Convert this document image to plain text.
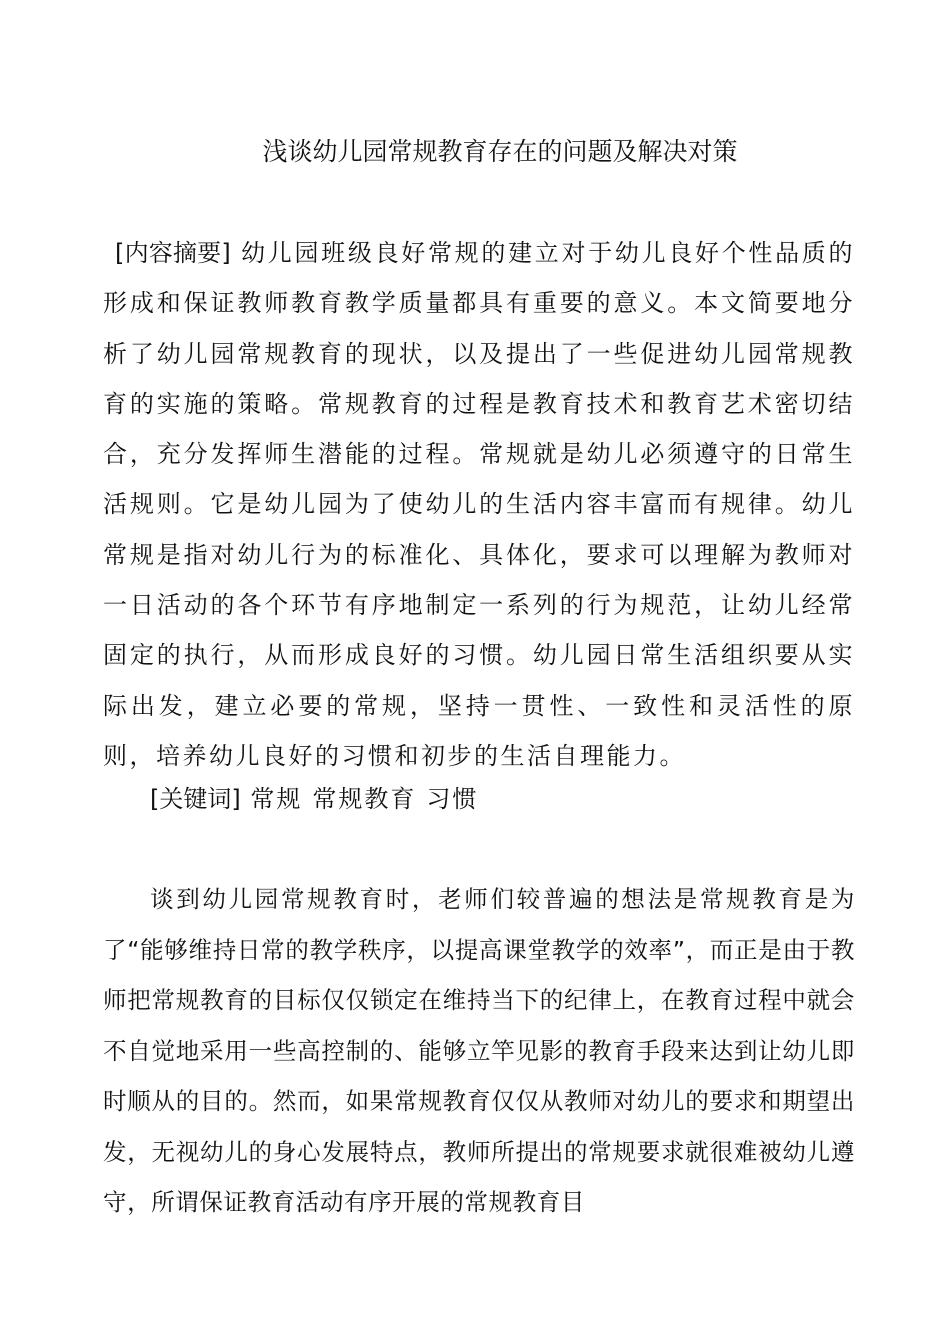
浅谈幼儿园常规教育存在的问题及解决对策
[内容摘要] 幼儿园班级良好常规的建立对于幼儿良好个性品质的形成和保证教师教育教学质量都具有重要的意义。本文简要地分析了幼儿园常规教育的现状，以及提出了一些促进幼儿园常规教育的实施的策略。常规教育的过程是教育技术和教育艺术密切结合，充分发挥师生潜能的过程。常规就是幼儿必须遵守的日常生活规则。它是幼儿园为了使幼儿的生活内容丰富而有规律。幼儿常规是指对幼儿行为的标准化、具体化，要求可以理解为教师对一日活动的各个环节有序地制定一系列的行为规范，让幼儿经常固定的执行，从而形成良好的习惯。幼儿园日常生活组织要从实际出发，建立必要的常规，坚持一贯性、一致性和灵活性的原则，培养幼儿良好的习惯和初步的生活自理能力。
[关键词] 常规 常规教育 习惯
谈到幼儿园常规教育时，老师们较普遍的想法是常规教育是为了“能够维持日常的教学秩序，以提高课堂教学的效率”，而正是由于教师把常规教育的目标仅仅锁定在维持当下的纪律上，在教育过程中就会不自觉地采用一些高控制的、能够立竿见影的教育手段来达到让幼儿即时顺从的目的。然而，如果常规教育仅仅从教师对幼儿的要求和期望出发，无视幼儿的身心发展特点，教师所提出的常规要求就很难被幼儿遵守，所谓保证教育活动有序开展的常规教育目
